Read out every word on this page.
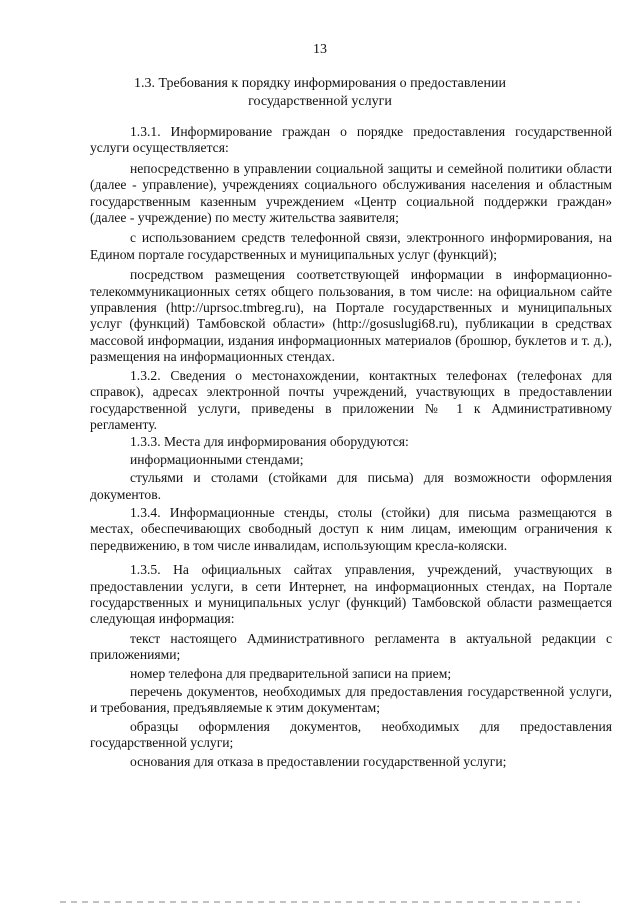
13
1.3. Требования к порядку информирования о предоставлении
государственной услуги

1.3.1. Информирование граждан о порядке предоставления государственной услуги осуществляется:

непосредственно в управлении социальной защиты и семейной политики области (далее - управление), учреждениях социального обслуживания населения и областным государственным казенным учреждением «Центр социальной поддержки граждан» (далее - учреждение) по месту жительства заявителя;

с использованием средств телефонной связи, электронного информирования, на Едином портале государственных и муниципальных услуг (функций);

посредством размещения соответствующей информации в информационно-телекоммуникационных сетях общего пользования, в том числе: на официальном сайте управления (http://uprsoc.tmbreg.ru), на Портале государственных и муниципальных услуг (функций) Тамбовской области» (http://gosuslugi68.ru), публикации в средствах массовой информации, издания информационных материалов (брошюр, буклетов и т. д.), размещения на информационных стендах.

1.3.2. Сведения о местонахождении, контактных телефонах (телефонах для справок), адресах электронной почты учреждений, участвующих в предоставлении государственной услуги, приведены в приложении № 1 к Административному регламенту.

1.3.3. Места для информирования оборудуются:

информационными стендами;

стульями и столами (стойками для письма) для возможности оформления документов.

1.3.4. Информационные стенды, столы (стойки) для письма размещаются в местах, обеспечивающих свободный доступ к ним лицам, имеющим ограничения к передвижению, в том числе инвалидам, использующим кресла-коляски.

1.3.5. На официальных сайтах управления, учреждений, участвующих в предоставлении услуги, в сети Интернет, на информационных стендах, на Портале государственных и муниципальных услуг (функций) Тамбовской области размещается следующая информация:

текст настоящего Административного регламента в актуальной редакции с приложениями;

номер телефона для предварительной записи на прием;

перечень документов, необходимых для предоставления государственной услуги, и требования, предъявляемые к этим документам;

образцы оформления документов, необходимых для предоставления государственной услуги;

основания для отказа в предоставлении государственной услуги;
